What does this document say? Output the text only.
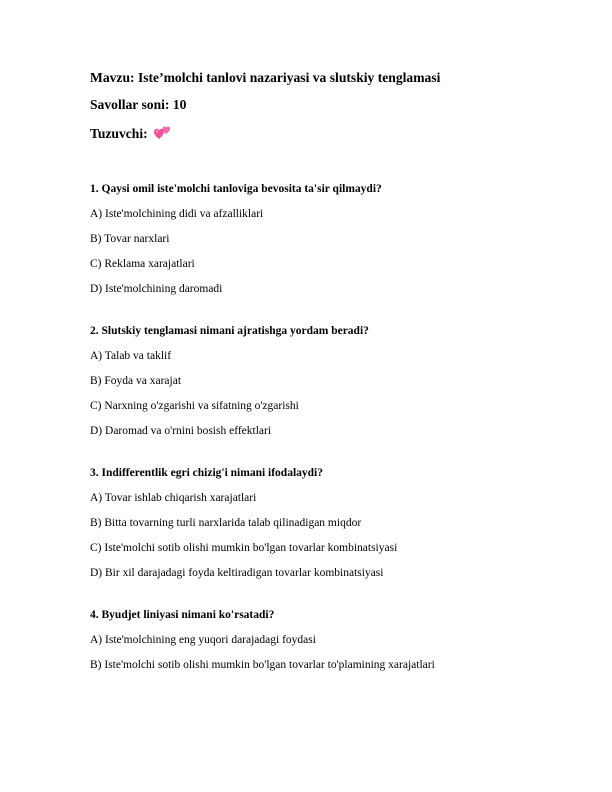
Mavzu: Iste’molchi tanlovi nazariyasi va slutskiy tenglamasi
Savollar soni: 10
Tuzuvchi:
1. Qaysi omil iste'molchi tanloviga bevosita ta'sir qilmaydi?
A) Iste'molchining didi va afzalliklari
B) Tovar narxlari
C) Reklama xarajatlari
D) Iste'molchining daromadi
2. Slutskiy tenglamasi nimani ajratishga yordam beradi?
A) Talab va taklif
B) Foyda va xarajat
C) Narxning o'zgarishi va sifatning o'zgarishi
D) Daromad va o'rnini bosish effektlari
3. Indifferentlik egri chizig'i nimani ifodalaydi?
A) Tovar ishlab chiqarish xarajatlari
B) Bitta tovarning turli narxlarida talab qilinadigan miqdor
C) Iste'molchi sotib olishi mumkin bo'lgan tovarlar kombinatsiyasi
D) Bir xil darajadagi foyda keltiradigan tovarlar kombinatsiyasi
4. Byudjet liniyasi nimani ko'rsatadi?
A) Iste'molchining eng yuqori darajadagi foydasi
B) Iste'molchi sotib olishi mumkin bo'lgan tovarlar to'plamining xarajatlari
